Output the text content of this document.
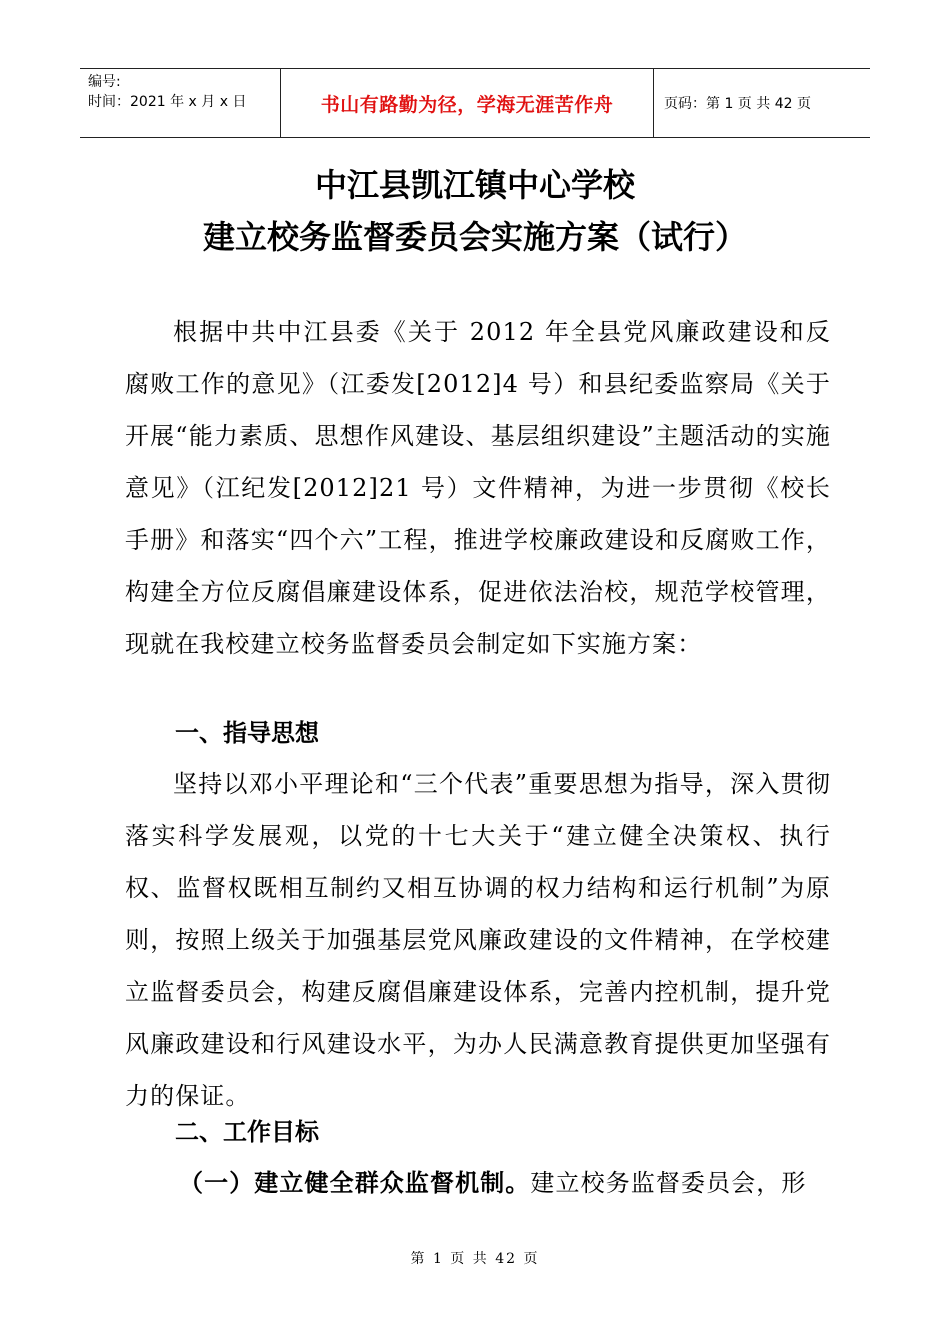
编号:
时间：2021 年 x 月 x 日	书山有路勤为径，学海无涯苦作舟	页码：第 1 页 共 42 页
中江县凯江镇中心学校
建立校务监督委员会实施方案（试行）

根据中共中江县委《关于 2012 年全县党风廉政建设和反腐败工作的意见》（江委发[2012]4 号）和县纪委监察局《关于开展“能力素质、思想作风建设、基层组织建设”主题活动的实施意见》（江纪发[2012]21 号）文件精神，为进一步贯彻《校长手册》和落实“四个六”工程，推进学校廉政建设和反腐败工作，构建全方位反腐倡廉建设体系，促进依法治校，规范学校管理，现就在我校建立校务监督委员会制定如下实施方案：

一、指导思想

坚持以邓小平理论和“三个代表”重要思想为指导，深入贯彻落实科学发展观，以党的十七大关于“建立健全决策权、执行权、监督权既相互制约又相互协调的权力结构和运行机制”为原则，按照上级关于加强基层党风廉政建设的文件精神，在学校建立监督委员会，构建反腐倡廉建设体系，完善内控机制，提升党风廉政建设和行风建设水平，为办人民满意教育提供更加坚强有力的保证。

二、工作目标

（一）建立健全群众监督机制。建立校务监督委员会，形

第 1 页 共 42 页
